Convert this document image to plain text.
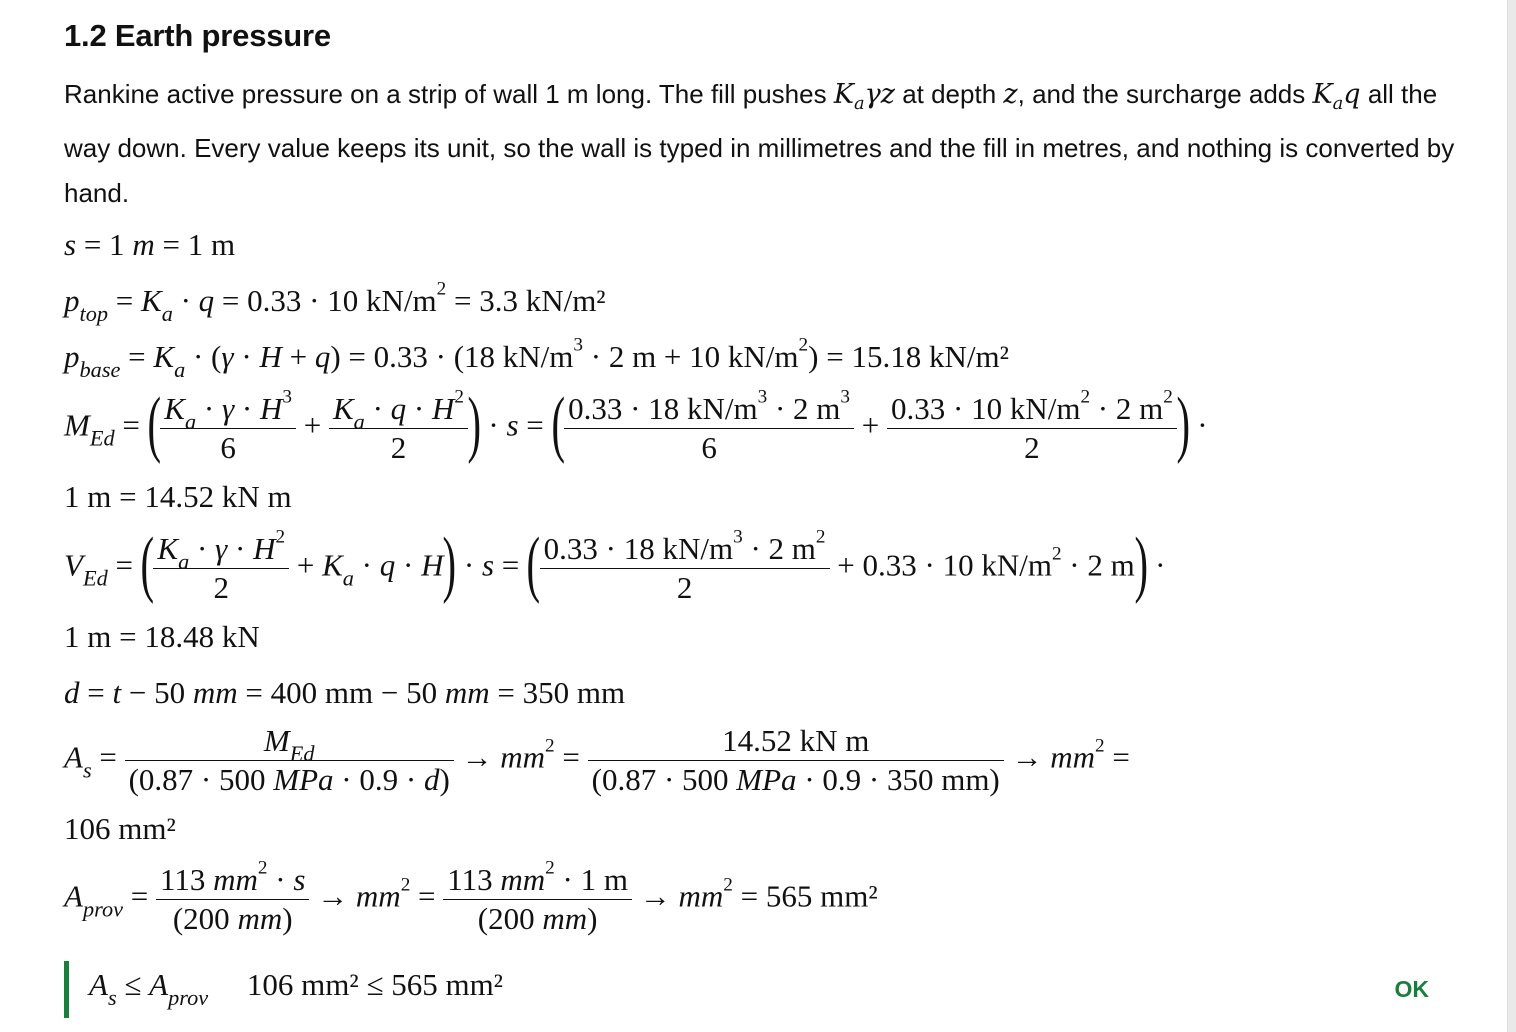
1.2 Earth pressure
Rankine active pressure on a strip of wall 1 m long. The fill pushes $K_a\gamma z$ at depth z, and the surcharge adds $K_aq$ all the way down. Every value keeps its unit, so the wall is typed in millimetres and the fill in metres, and nothing is converted by hand.
s = 1 m = 1 m
$p_{top} = K_a \cdot q = 0.33 \cdot 10$ $kN/m^2 = 3.3$ kN/m²
$p_{base} = K_a \cdot (\gamma \cdot H + q) = 0.33 \cdot (18$ $kN/m^3 \cdot 2$ m + 10 $kN/m^2) = 15.18$ kN/m²
$M_{Ed}$ = ( $\frac{K_a \cdot \gamma \cdot H^3}{6} + \frac{K_a \cdot q \cdot H^2}{2}$ ) · s = ( $\frac{0.33 \cdot 18 kN/m^3 \cdot 2 m^3}{6} + \frac{0.33 \cdot 10 kN/m^2 \cdot 2 m^2}{2}$ ) ·
1 m = 14.52 kN m
$V_{Ed}$ = ( $\frac{K_a \cdot \gamma \cdot H^2}{2} + K_a \cdot q \cdot H) \cdot s$ = ( $\frac{0.33 \cdot 18 kN/m^3 \cdot 2 m^2}{2} + 0.33 \cdot 10$ $kN/m^2 \cdot 2$ m) ·
1 m = 18.48 kN
d = t − 50 mm = 400 mm − 50 mm = 350 mm
$A_s = \frac{M_{Ed}}{\text{(0.87 · 500 MPa · 0.9 · d)}} \to mm^2 = \frac{\text{14.52 kN m}}{\text{(0.87 · 500 MPa · 0.9 · 350 mm)}} \to mm^2$ =
106 mm²
$A_{prov} = \frac{113 mm^2 \cdot s}{(200 mm)} \to mm^2 = \frac{113 mm^2 \cdot 1 m}{(200 mm)} \to mm^2 = 565$ mm²
$A_s \le A_{prov}$ 106 mm² ≤ 565 mm²	OK
